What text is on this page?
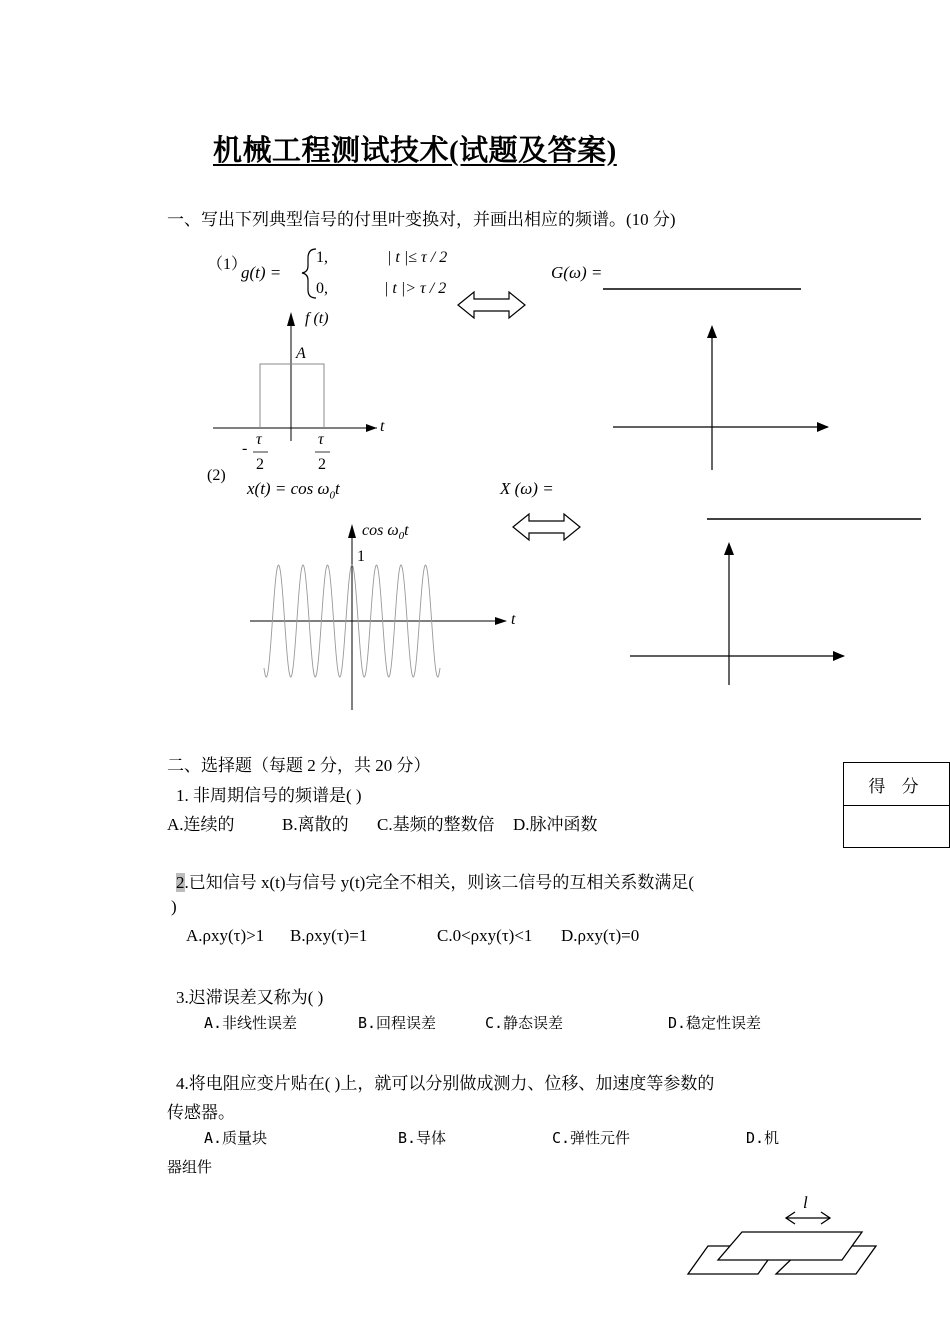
机械工程测试技术(试题及答案)
一、写出下列典型信号的付里叶变换对，并画出相应的频谱。(10 分)
（1）
g(t) =
1,	| t |≤ τ / 2
0,	| t |> τ / 2
G(ω) =
f (t)
A
t
-
τ
2
τ
2
(2)
$x(t) = \cos \omega_0t$	X (ω) =
$\cos \omega_0t$
1
t
得 分
二、选择题（每题 2 分，共 20 分）
1. 非周期信号的频谱是( )
A.连续的	B.离散的 C.基频的整数倍 D.脉冲函数
2.已知信号 x(t)与信号 y(t)完全不相关，则该二信号的互相关系数满足(
)
A.ρxy(τ)>1 B.ρxy(τ)=1	C.0<ρxy(τ)<1 D.ρxy(τ)=0
3.迟滞误差又称为( )
A.非线性误差	B.回程误差	C.静态误差	D.稳定性误差
4.将电阻应变片贴在( )上，就可以分别做成测力、位移、加速度等参数的
传感器。
A.质量块	B.导体	C.弹性元件	D.机
器组件
l
